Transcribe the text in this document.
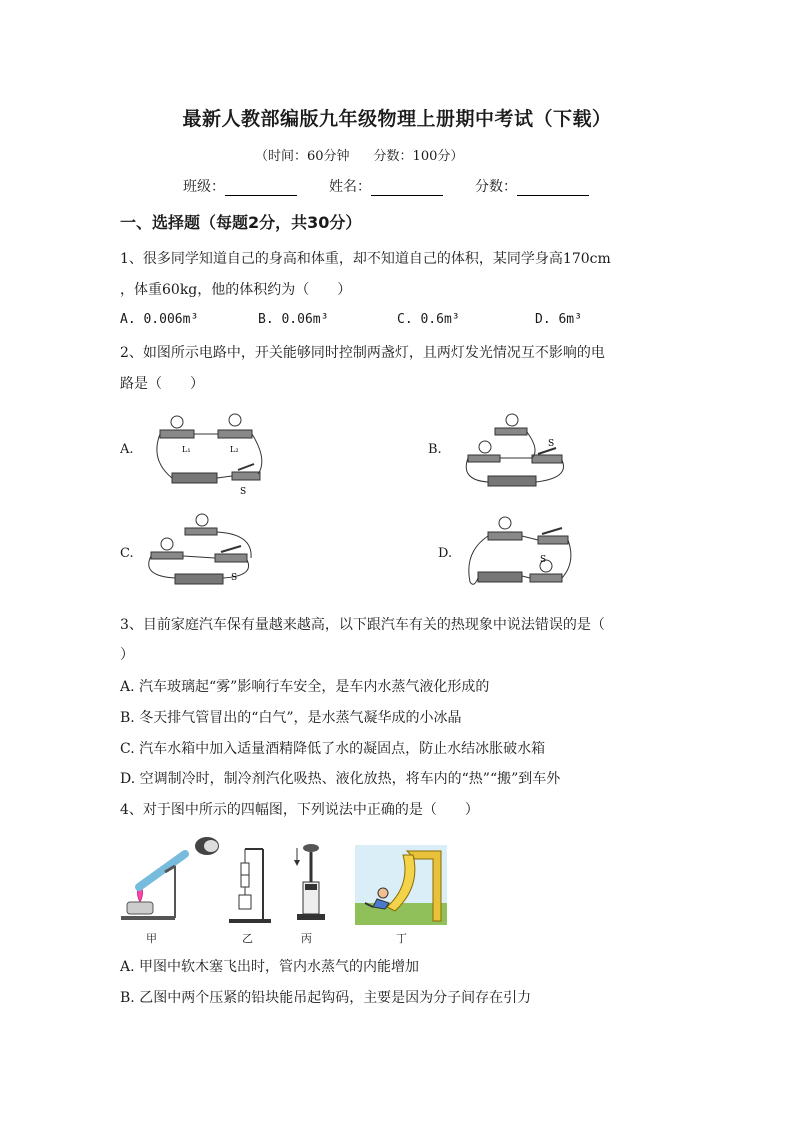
最新人教部编版九年级物理上册期中考试（下载）
（时间：60分钟 分数：100分）
班级：	姓名：	分数：
一、选择题（每题2分，共30分）
1、很多同学知道自己的身高和体重，却不知道自己的体积，某同学身高170cm
，体重60kg，他的体积约为（　　）
A. 0.006m³	B. 0.06m³	C. 0.6m³	D. 6m³
2、如图所示电路中，开关能够同时控制两盏灯，且两灯发光情况互不影响的电
路是（　　）
A.	B.
C.	D.
L₁	L₂
S
S
S
S
3、目前家庭汽车保有量越来越高，以下跟汽车有关的热现象中说法错误的是（
）
A. 汽车玻璃起“雾”影响行车安全，是车内水蒸气液化形成的
B. 冬天排气管冒出的“白气”，是水蒸气凝华成的小冰晶
C. 汽车水箱中加入适量酒精降低了水的凝固点，防止水结冰胀破水箱
D. 空调制冷时，制冷剂汽化吸热、液化放热，将车内的“热”“搬”到车外
4、对于图中所示的四幅图，下列说法中正确的是（　　）
甲	乙	丙	丁
A. 甲图中软木塞飞出时，管内水蒸气的内能增加
B. 乙图中两个压紧的铅块能吊起钩码，主要是因为分子间存在引力
